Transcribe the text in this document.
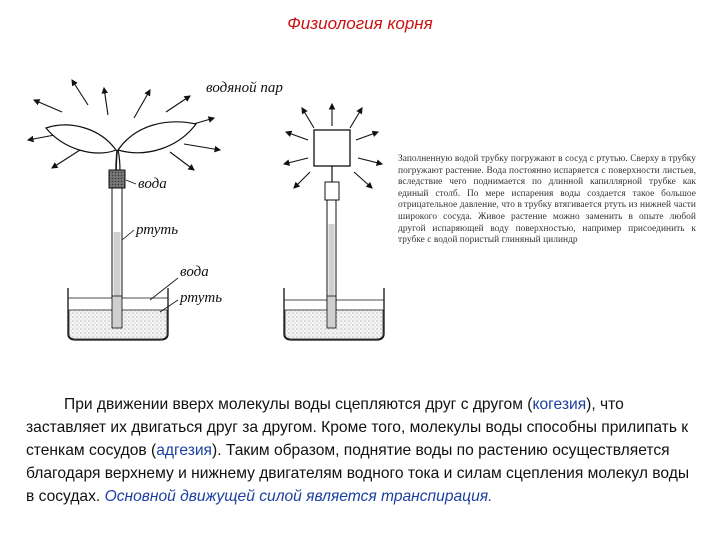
Физиология корня
водяной пар
вода
ртуть
вода
ртуть
Заполненную водой трубку погружают в сосуд с ртутью. Сверху в трубку погружают растение. Вода постоянно испаряется с поверхности листьев, вследствие чего поднимается по длинной капиллярной трубке как единый столб. По мере испарения воды создается такое большое отрицательное давление, что в трубку втягивается ртуть из нижней части широкого сосуда. Живое растение можно заменить в опыте любой другой испаряющей воду поверхностью, например присоединить к трубке с водой пористый глиняный цилиндр
При движении вверх молекулы воды сцепляются друг с другом (когезия), что заставляет их двигаться друг за другом. Кроме того, молекулы воды способны прилипать к стенкам сосудов (адгезия). Таким образом, поднятие воды по растению осуществляется благодаря верхнему и нижнему двигателям водного тока и силам сцепления молекул воды в сосудах. Основной движущей силой является транспирация.
